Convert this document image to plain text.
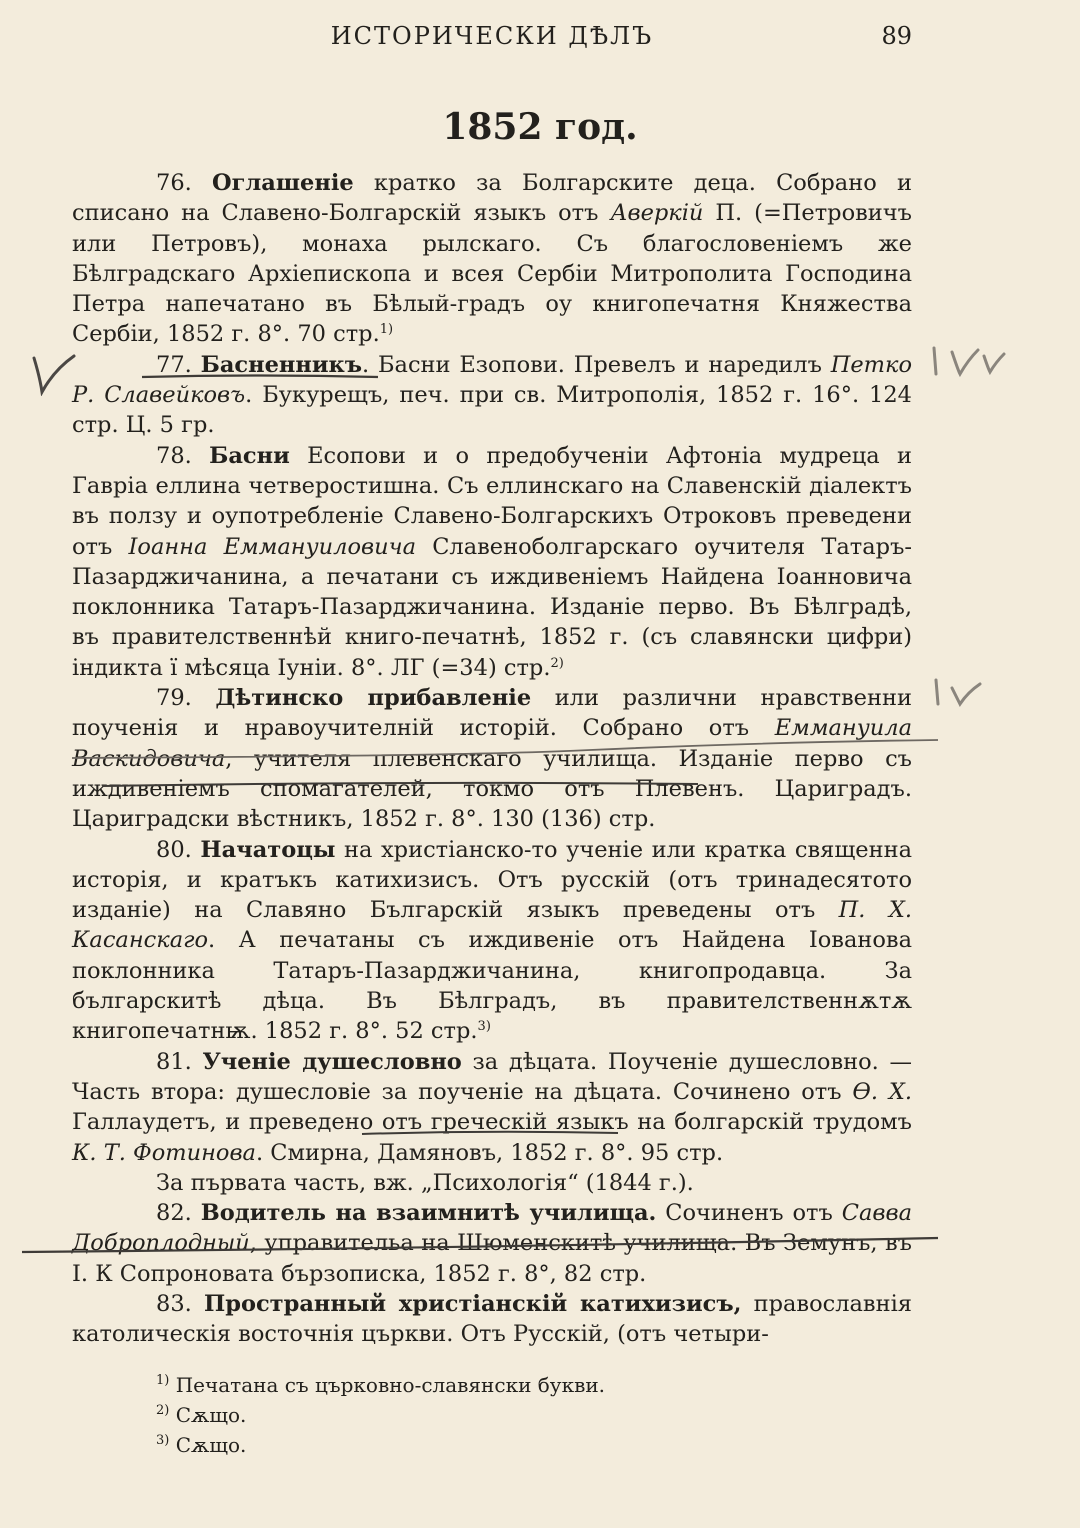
ИСТОРИЧЕСКИ ДѢЛЪ	89
1852 год.

76. Оглашеніе кратко за Болгарските деца. Собрано и списано на Славено-Болгарскій языкъ отъ Аверкій П. (=Петровичъ или Петровъ), монаха рылскаго. Съ благословеніемъ же Бѣлградскаго Архіепископа и всея Сербіи Митрополита Господина Петра напечатано въ Бѣлый-градъ оу книгопечатня Княжества Сербіи, 1852 г. 8°. 70 стр.$^{1)}$

77. Басненникъ. Басни Езопови. Превелъ и наредилъ Петко Р. Славейковъ. Букурещъ, печ. при св. Митрополія, 1852 г. 16°. 124 стр. Ц. 5 гр.

78. Басни Есопови и о предобученіи Афтоніа мудреца и Гавріа еллина четверостишна. Съ еллинскаго на Славенскій діалектъ въ ползу и оупотребленіе Славено-Болгарскихъ Отроковъ преведени отъ Іоанна Еммануиловича Славеноболгарскаго оучителя Татаръ-Пазарджичанина, а печатани съ иждивеніемъ Найдена Іоанновича поклонника Татаръ-Пазарджичанина. Изданіе перво. Въ Бѣлградѣ, въ правителственнѣй книго-печатнѣ, 1852 г. (съ славянски цифри) індикта ї мѣсяца Іуніи. 8°. ЛГ (=34) стр.$^{2)}$

79. Дѣтинско прибавленіе или различни нравственни поученія и нравоучителній исторій. Собрано отъ Еммануила Васкидовича, учителя плевенскаго училища. Изданіе перво съ иждивеніемъ спомагателей, токмо отъ Плевенъ. Цариградъ. Цариградски вѣстникъ, 1852 г. 8°. 130 (136) стр.

80. Начатоцы на христіанско-то ученіе или кратка священна исторія, и кратъкъ катихизисъ. Отъ русскій (отъ тринадесятото изданіе) на Славяно Българскій языкъ преведены отъ П. Х. Касанскаго. А печатаны съ иждивеніе отъ Найдена Іованова поклонника Татаръ-Пазарджичанина, книгопродавца. За българскитѣ дѣца. Въ Бѣлградъ, въ правителственнѫтѫ книгопечатнѭ. 1852 г. 8°. 52 стр.$^{3)}$

81. Ученіе душесловно за дѣцата. Поученіе душесловно. — Часть втора: душесловіе за поученіе на дѣцата. Сочинено отъ Ѳ. Х. Галлаудетъ, и преведено отъ греческій языкъ на болгарскій трудомъ К. Т. Фотинова. Смирна, Дамяновъ, 1852 г. 8°. 95 стр.

За първата часть, вж. „Психологія“ (1844 г.).

82. Водитель на взаимнитѣ училища. Сочиненъ отъ Савва Доброплодный, управительа на Шюменскитѣ училища. Въ Земунъ, въ І. К Сопроновата бързописка, 1852 г. 8°, 82 стр.

83. Пространный христіанскій катихизисъ, православнія католическія восточнія църкви. Отъ Русскій, (отъ четыри-

$^{1)}$ Печатана съ църковно-славянски букви.

$^{2)}$ Сѫщо.

$^{3)}$ Сѫщо.
